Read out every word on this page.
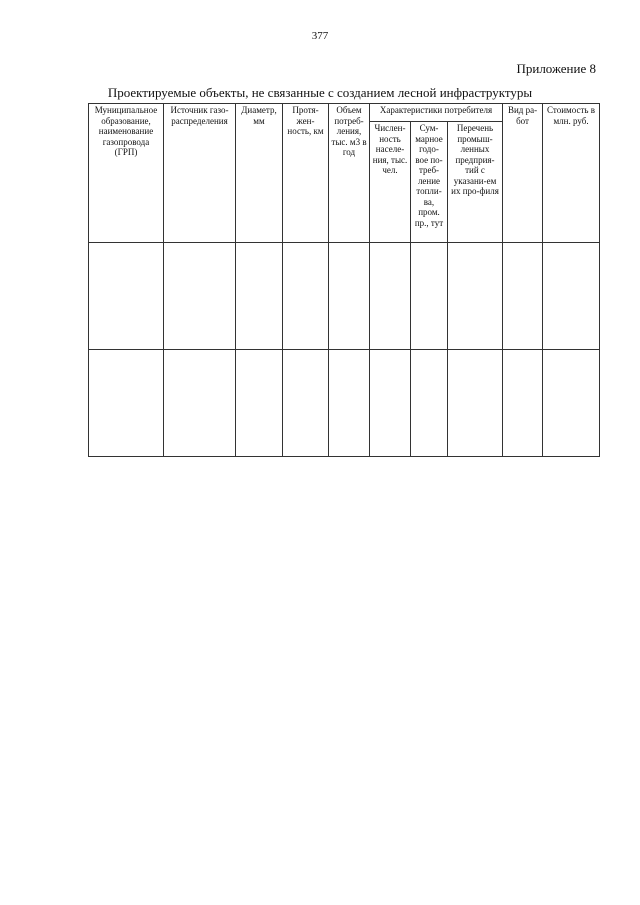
377
Приложение 8
Проектируемые объекты, не связанные с созданием лесной инфраструктуры
Муниципальное образование, наименование газопровода (ГРП)	Источник газо-распределения	Диаметр, мм	Протя-жен-ность, км	Объем потреб-ления, тыс. м3 в год	Характеристики потребителя			Вид ра-бот	Стоимость в млн. руб.
					Числен-ность населе-ния, тыс. чел.	Сум-марное годо-вое по-треб-ление топли-ва, пром. пр., тут	Перечень промыш-ленных предприя-тий с указани-ем их про-филя		
